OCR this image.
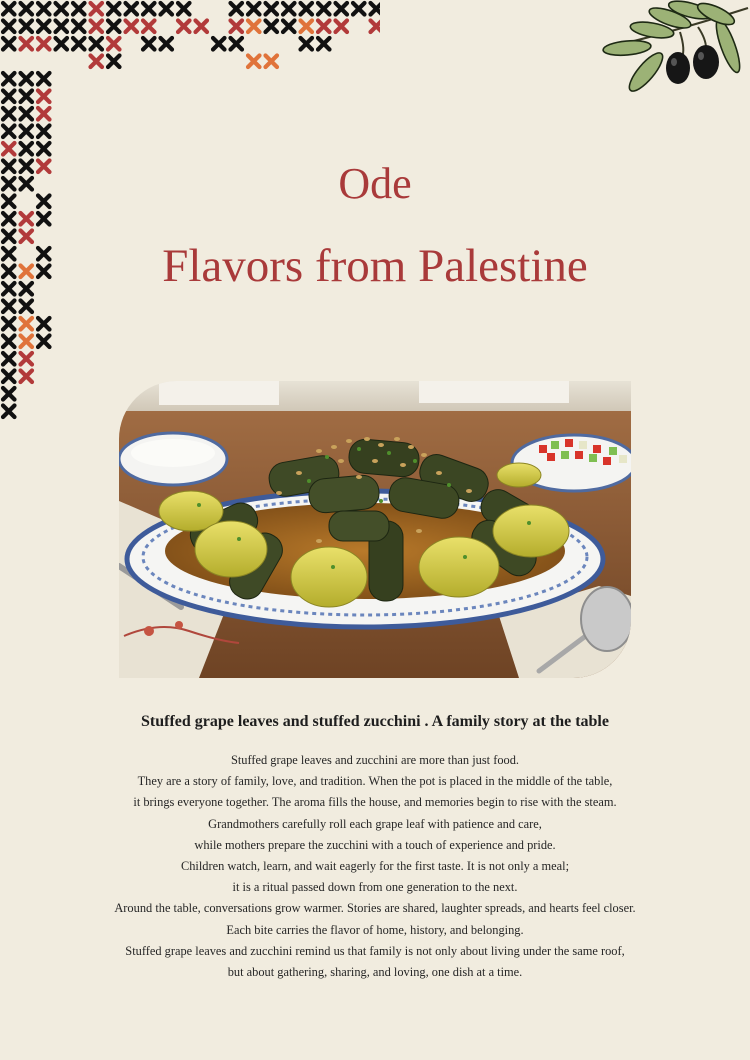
Ode
Flavors from Palestine
Stuffed grape leaves and stuffed zucchini . A family story at the table
Stuffed grape leaves and zucchini are more than just food.
They are a story of family, love, and tradition. When the pot is placed in the middle of the table,
it brings everyone together. The aroma fills the house, and memories begin to rise with the steam.
Grandmothers carefully roll each grape leaf with patience and care,
while mothers prepare the zucchini with a touch of experience and pride.
Children watch, learn, and wait eagerly for the first taste. It is not only a meal;
it is a ritual passed down from one generation to the next.
Around the table, conversations grow warmer. Stories are shared, laughter spreads, and hearts feel closer.
Each bite carries the flavor of home, history, and belonging.
Stuffed grape leaves and zucchini remind us that family is not only about living under the same roof,
but about gathering, sharing, and loving, one dish at a time.
